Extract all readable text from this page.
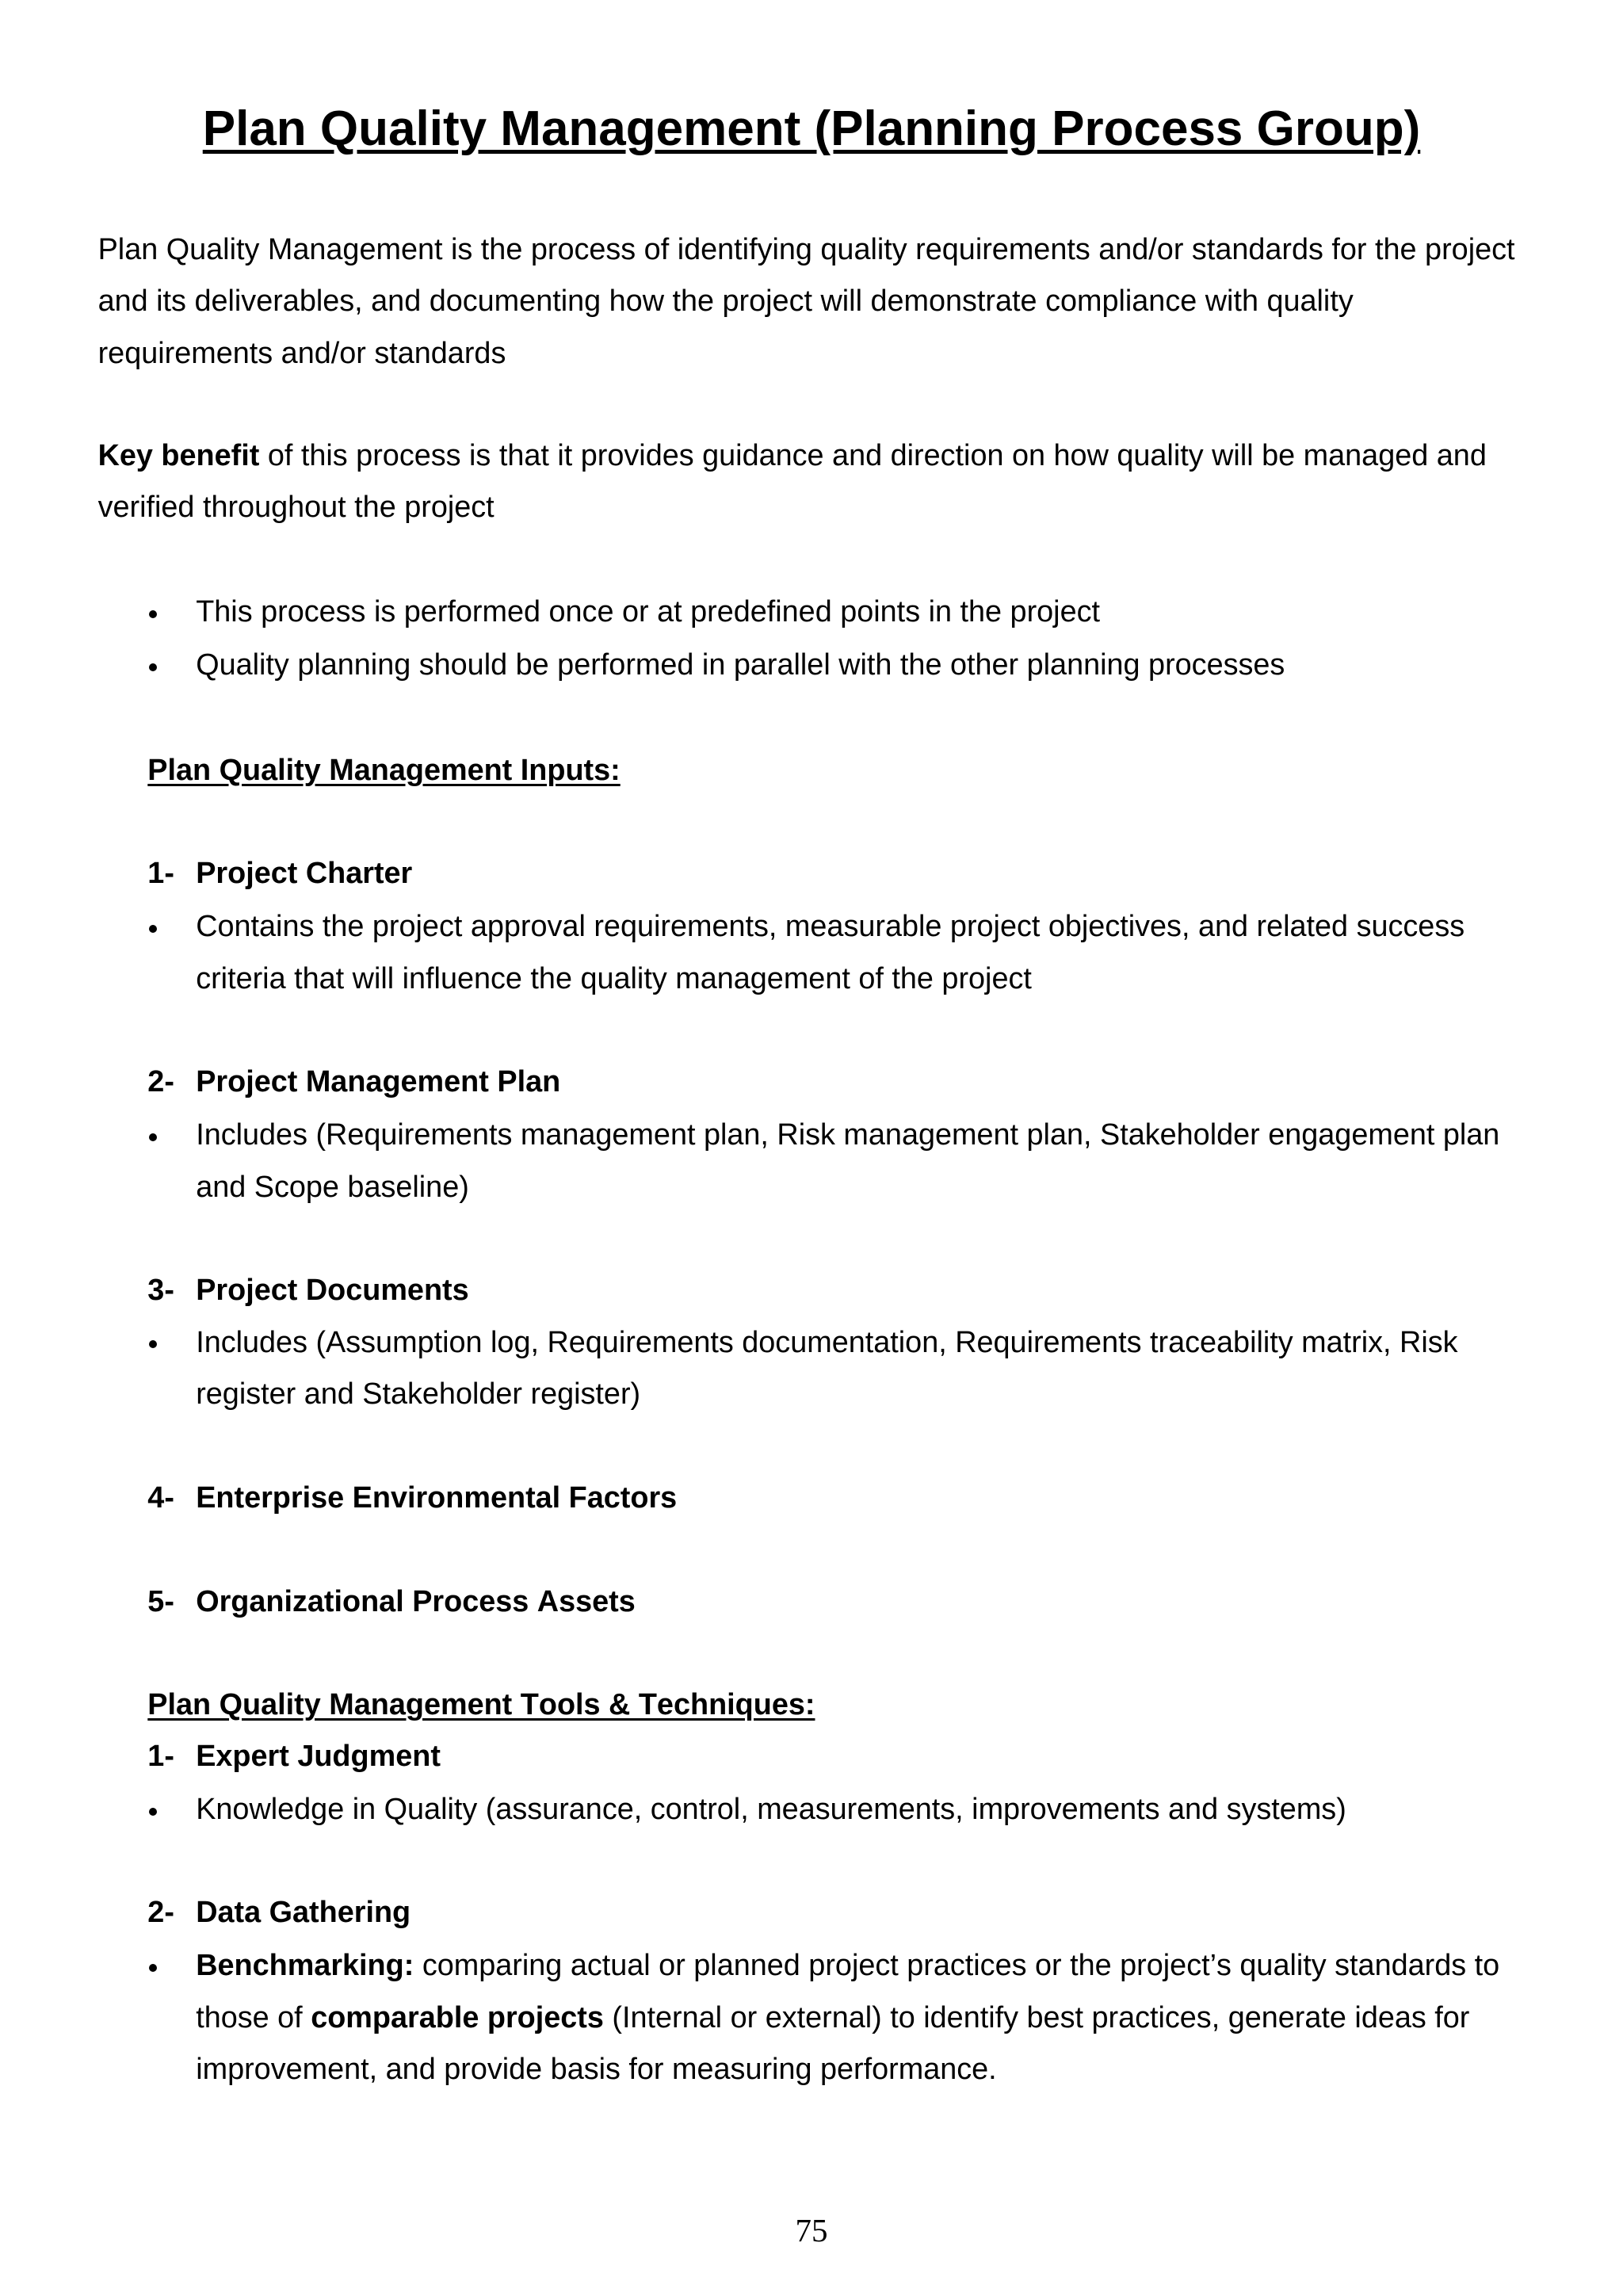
Plan Quality Management (Planning Process Group)
Plan Quality Management is the process of identifying quality requirements and/or standards for the project and its deliverables, and documenting how the project will demonstrate compliance with quality requirements and/or standards
Key benefit of this process is that it provides guidance and direction on how quality will be managed and verified throughout the project
This process is performed once or at predefined points in the project
Quality planning should be performed in parallel with the other planning processes
Plan Quality Management Inputs:
1- Project Charter
Contains the project approval requirements, measurable project objectives, and related success criteria that will influence the quality management of the project
2- Project Management Plan
Includes (Requirements management plan, Risk management plan, Stakeholder engagement plan and Scope baseline)
3- Project Documents
Includes (Assumption log, Requirements documentation, Requirements traceability matrix, Risk register and Stakeholder register)
4- Enterprise Environmental Factors
5- Organizational Process Assets
Plan Quality Management Tools & Techniques:
1- Expert Judgment
Knowledge in Quality (assurance, control, measurements, improvements and systems)
2- Data Gathering
Benchmarking: comparing actual or planned project practices or the project’s quality standards to those of comparable projects (Internal or external) to identify best practices, generate ideas for improvement, and provide basis for measuring performance.
75
